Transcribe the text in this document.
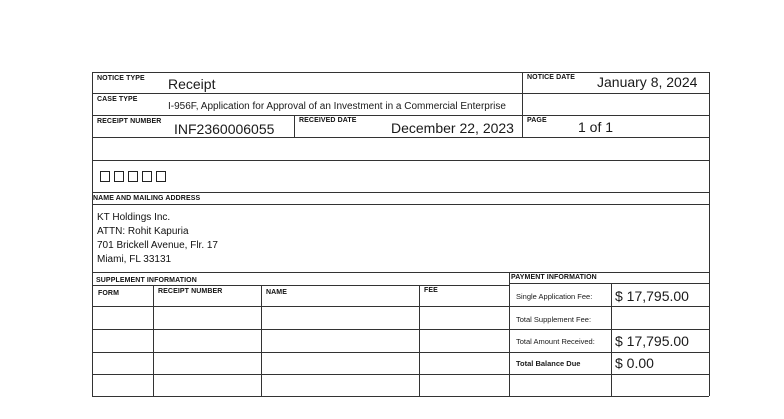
NOTICE TYPE Receipt	NOTICE DATE January 8, 2024
CASE TYPE
I-956F, Application for Approval of an Investment in a Commercial Enterprise
RECEIPT NUMBER INF2360006055
RECEIVED DATE December 22, 2023 PAGE 1 of 1
NAME AND MAILING ADDRESS
KT Holdings Inc.
ATTN: Rohit Kapuria
701 Brickell Avenue, Flr. 17
Miami, FL 33131
SUPPLEMENT INFORMATION
FORM	RECEIPT NUMBER	NAME	FEE
PAYMENT INFORMATION
Single Application Fee: $ 17,795.00
Total Supplement Fee:
Total Amount Received: $ 17,795.00
Total Balance Due $ 0.00
